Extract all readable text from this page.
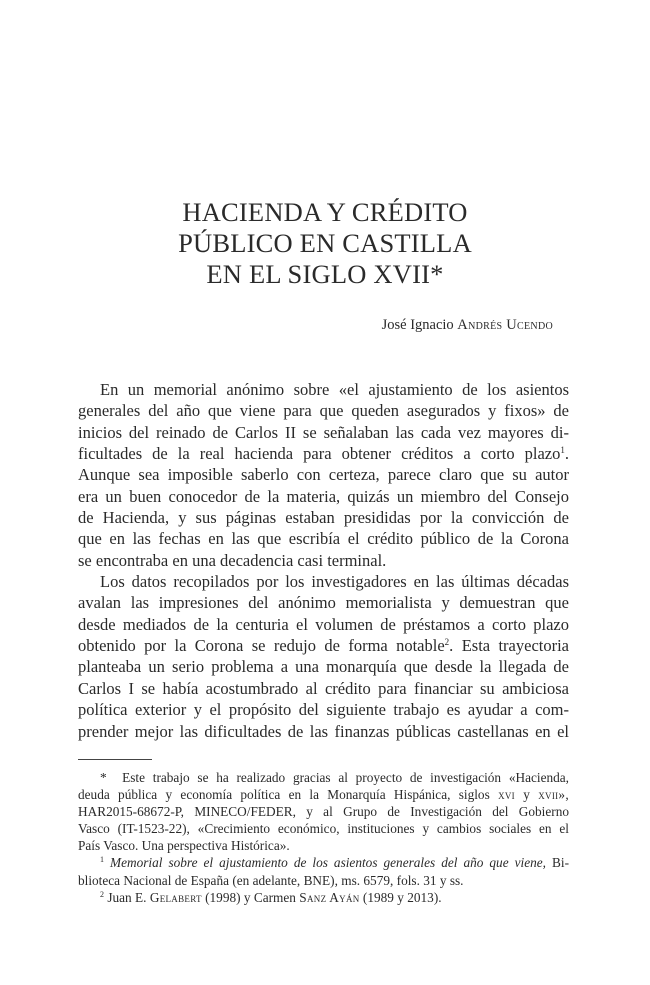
HACIENDA Y CRÉDITO
PÚBLICO EN CASTILLA
EN EL SIGLO XVII*
José Ignacio Andrés Ucendo
En un memorial anónimo sobre «el ajustamiento de los asientos
generales del año que viene para que queden asegurados y fixos» de
inicios del reinado de Carlos II se señalaban las cada vez mayores di-
ficultades de la real hacienda para obtener créditos a corto plazo$^1$.
Aunque sea imposible saberlo con certeza, parece claro que su autor
era un buen conocedor de la materia, quizás un miembro del Consejo
de Hacienda, y sus páginas estaban presididas por la convicción de
que en las fechas en las que escribía el crédito público de la Corona
se encontraba en una decadencia casi terminal.
Los datos recopilados por los investigadores en las últimas décadas
avalan las impresiones del anónimo memorialista y demuestran que
desde mediados de la centuria el volumen de préstamos a corto plazo
obtenido por la Corona se redujo de forma notable$^2$. Esta trayectoria
planteaba un serio problema a una monarquía que desde la llegada de
Carlos I se había acostumbrado al crédito para financiar su ambiciosa
política exterior y el propósito del siguiente trabajo es ayudar a com-
prender mejor las dificultades de las finanzas públicas castellanas en el
* Este trabajo se ha realizado gracias al proyecto de investigación «Hacienda,
deuda pública y economía política en la Monarquía Hispánica, siglos xvi y xvii»,
HAR2015-68672-P, MINECO/FEDER, y al Grupo de Investigación del Gobierno
Vasco (IT-1523-22), «Crecimiento económico, instituciones y cambios sociales en el
País Vasco. Una perspectiva Histórica».
$^1$ Memorial sobre el ajustamiento de los asientos generales del año que viene, Bi-
blioteca Nacional de España (en adelante, BNE), ms. 6579, fols. 31 y ss.
$^2$ Juan E. Gelabert (1998) y Carmen Sanz Ayán (1989 y 2013).
